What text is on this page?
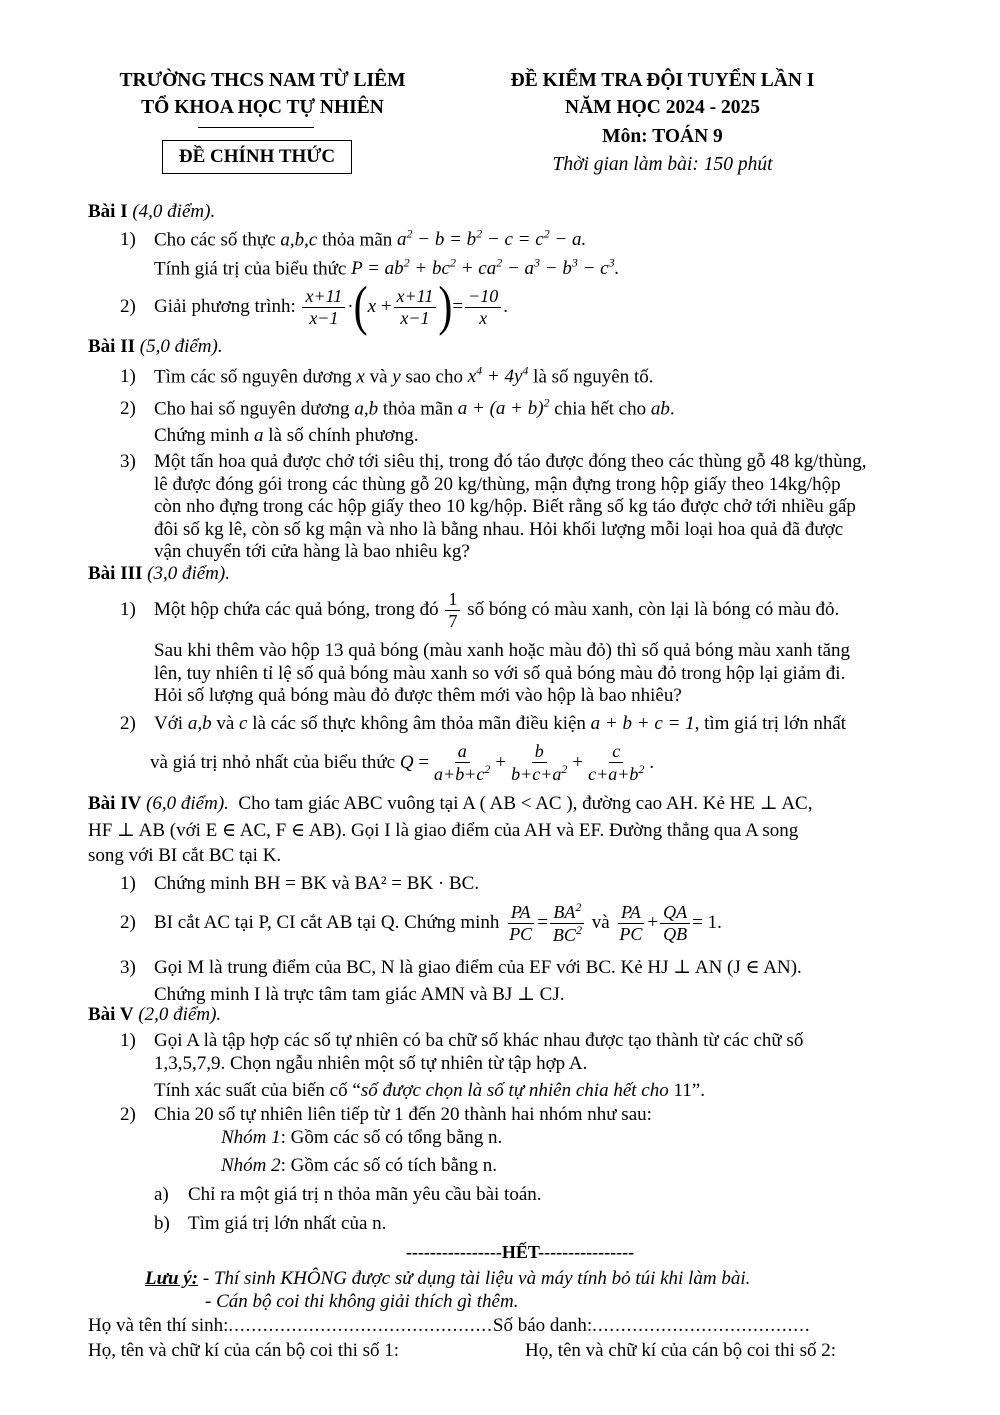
TRƯỜNG THCS NAM TỪ LIÊM
TỔ KHOA HỌC TỰ NHIÊN
ĐỀ CHÍNH THỨC
ĐỀ KIỂM TRA ĐỘI TUYỂN LẦN I
NĂM HỌC 2024 - 2025
Môn: TOÁN 9
Thời gian làm bài: 150 phút
Bài I (4,0 điểm).
1) Cho các số thực a,b,c thỏa mãn $a^2 - b = b^2 - c = c^2 - a$.
Tính giá trị của biểu thức $P = ab^2 + bc^2 + ca^2 - a^3 - b^3 - c^3$.
2) Giải phương trình:
$\frac{x+11}{x-1}$ · ( $x + \frac{x+11}{x-1}$ ) = $\frac{-10}{x}$ .
Bài II (5,0 điểm).
1) Tìm các số nguyên dương x và y sao cho $x^4 + 4y^4$ là số nguyên tố.
2) Cho hai số nguyên dương a,b thỏa mãn $a + (a + b)^2$ chia hết cho ab.
Chứng minh a là số chính phương.
3) Một tấn hoa quả được chở tới siêu thị, trong đó táo được đóng theo các thùng gỗ 48 kg/thùng,
lê được đóng gói trong các thùng gỗ 20 kg/thùng, mận đựng trong hộp giấy theo 14kg/hộp
còn nho đựng trong các hộp giấy theo 10 kg/hộp. Biết rằng số kg táo được chở tới nhiều gấp
đôi số kg lê, còn số kg mận và nho là bằng nhau. Hỏi khối lượng mỗi loại hoa quả đã được
vận chuyển tới cửa hàng là bao nhiêu kg?
Bài III (3,0 điểm).
1) Một hộp chứa các quả bóng, trong đó
$\frac{1}{7}$
số bóng có màu xanh, còn lại là bóng có màu đỏ.
Sau khi thêm vào hộp 13 quả bóng (màu xanh hoặc màu đỏ) thì số quả bóng màu xanh tăng
lên, tuy nhiên tỉ lệ số quả bóng màu xanh so với số quả bóng màu đỏ trong hộp lại giảm đi.
Hỏi số lượng quả bóng màu đỏ được thêm mới vào hộp là bao nhiêu?
2) Với a,b và c là các số thực không âm thỏa mãn điều kiện a + b + c = 1, tìm giá trị lớn nhất
và giá trị nhỏ nhất của biểu thức
$Q = \frac{a}{a+b+c^2} + \frac{b}{b+c+a^2} + \frac{c}{c+a+b^2}$ .
Bài IV (6,0 điểm). Cho tam giác ABC vuông tại A ( AB < AC ), đường cao AH. Kẻ HE ⊥ AC,
HF ⊥ AB (với E ∈ AC, F ∈ AB). Gọi I là giao điểm của AH và EF. Đường thẳng qua A song
song với BI cắt BC tại K.
1) Chứng minh BH = BK và BA² = BK · BC.
2) BI cắt AC tại P, CI cắt AB tại Q. Chứng minh
$\frac{PA}{PC} = \frac{BA^2}{BC^2}$
và
$\frac{PA}{PC} + \frac{QA}{QB} = 1$.
3) Gọi M là trung điểm của BC, N là giao điểm của EF với BC. Kẻ HJ ⊥ AN (J ∈ AN).
Chứng minh I là trực tâm tam giác AMN và BJ ⊥ CJ.
Bài V (2,0 điểm).
1) Gọi A là tập hợp các số tự nhiên có ba chữ số khác nhau được tạo thành từ các chữ số
1,3,5,7,9. Chọn ngẫu nhiên một số tự nhiên từ tập hợp A.
Tính xác suất của biến cố “số được chọn là số tự nhiên chia hết cho 11”.
2) Chia 20 số tự nhiên liên tiếp từ 1 đến 20 thành hai nhóm như sau:
Nhóm 1: Gồm các số có tổng bằng n.
Nhóm 2: Gồm các số có tích bằng n.
a) Chỉ ra một giá trị n thỏa mãn yêu cầu bài toán.
b) Tìm giá trị lớn nhất của n.
----------------HẾT----------------
Lưu ý: - Thí sinh KHÔNG được sử dụng tài liệu và máy tính bỏ túi khi làm bài.
- Cán bộ coi thi không giải thích gì thêm.
Họ và tên thí sinh:..............................................Số báo danh:......................................
Họ, tên và chữ kí của cán bộ coi thi số 1:	Họ, tên và chữ kí của cán bộ coi thi số 2:
